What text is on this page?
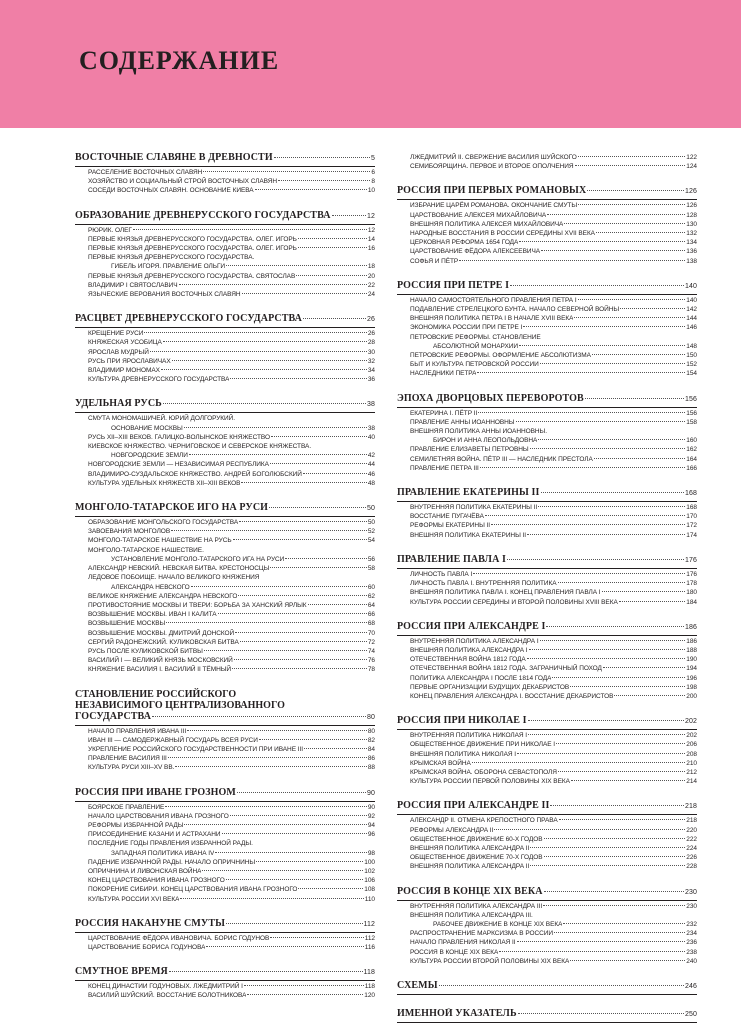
СОДЕРЖАНИЕ
ВОСТОЧНЫЕ СЛАВЯНЕ В ДРЕВНОСТИ	5
РАССЕЛЕНИЕ ВОСТОЧНЫХ СЛАВЯН	6
ХОЗЯЙСТВО И СОЦИАЛЬНЫЙ СТРОЙ ВОСТОЧНЫХ СЛАВЯН	8
СОСЕДИ ВОСТОЧНЫХ СЛАВЯН. ОСНОВАНИЕ КИЕВА	10
ОБРАЗОВАНИЕ ДРЕВНЕРУССКОГО ГОСУДАРСТВА	12
РЮРИК. ОЛЕГ	12
ПЕРВЫЕ КНЯЗЬЯ ДРЕВНЕРУССКОГО ГОСУДАРСТВА. ОЛЕГ. ИГОРЬ	14
ПЕРВЫЕ КНЯЗЬЯ ДРЕВНЕРУССКОГО ГОСУДАРСТВА. ОЛЕГ. ИГОРЬ	16
ПЕРВЫЕ КНЯЗЬЯ ДРЕВНЕРУССКОГО ГОСУДАРСТВА.
ГИБЕЛЬ ИГОРЯ. ПРАВЛЕНИЕ ОЛЬГИ	18
ПЕРВЫЕ КНЯЗЬЯ ДРЕВНЕРУССКОГО ГОСУДАРСТВА. СВЯТОСЛАВ	20
ВЛАДИМИР I СВЯТОСЛАВИЧ	22
ЯЗЫЧЕСКИЕ ВЕРОВАНИЯ ВОСТОЧНЫХ СЛАВЯН	24
РАСЦВЕТ ДРЕВНЕРУССКОГО ГОСУДАРСТВА	26
КРЕЩЕНИЕ РУСИ	26
КНЯЖЕСКАЯ УСОБИЦА	28
ЯРОСЛАВ МУДРЫЙ	30
РУСЬ ПРИ ЯРОСЛАВИЧАХ	32
ВЛАДИМИР МОНОМАХ	34
КУЛЬТУРА ДРЕВНЕРУССКОГО ГОСУДАРСТВА	36
УДЕЛЬНАЯ РУСЬ	38
СМУТА МОНОМАШИЧЕЙ. ЮРИЙ ДОЛГОРУКИЙ.
ОСНОВАНИЕ МОСКВЫ	38
РУСЬ XII–XIII ВЕКОВ. ГАЛИЦКО-ВОЛЫНСКОЕ КНЯЖЕСТВО	40
КИЕВСКОЕ КНЯЖЕСТВО. ЧЕРНИГОВСКОЕ И СЕВЕРСКОЕ КНЯЖЕСТВА.
НОВГОРОДСКИЕ ЗЕМЛИ	42
НОВГОРОДСКИЕ ЗЕМЛИ — НЕЗАВИСИМАЯ РЕСПУБЛИКА	44
ВЛАДИМИРО-СУЗДАЛЬСКОЕ КНЯЖЕСТВО. АНДРЕЙ БОГОЛЮБСКИЙ	46
КУЛЬТУРА УДЕЛЬНЫХ КНЯЖЕСТВ XII–XIII ВЕКОВ	48
МОНГОЛО-ТАТАРСКОЕ ИГО НА РУСИ	50
ОБРАЗОВАНИЕ МОНГОЛЬСКОГО ГОСУДАРСТВА	50
ЗАВОЕВАНИЯ МОНГОЛОВ	52
МОНГОЛО-ТАТАРСКОЕ НАШЕСТВИЕ НА РУСЬ	54
МОНГОЛО-ТАТАРСКОЕ НАШЕСТВИЕ.
УСТАНОВЛЕНИЕ МОНГОЛО-ТАТАРСКОГО ИГА НА РУСИ	56
АЛЕКСАНДР НЕВСКИЙ. НЕВСКАЯ БИТВА. КРЕСТОНОСЦЫ	58
ЛЕДОВОЕ ПОБОИЩЕ. НАЧАЛО ВЕЛИКОГО КНЯЖЕНИЯ
АЛЕКСАНДРА НЕВСКОГО	60
ВЕЛИКОЕ КНЯЖЕНИЕ АЛЕКСАНДРА НЕВСКОГО	62
ПРОТИВОСТОЯНИЕ МОСКВЫ И ТВЕРИ: БОРЬБА ЗА ХАНСКИЙ ЯРЛЫК	64
ВОЗВЫШЕНИЕ МОСКВЫ. ИВАН I КАЛИТА	66
ВОЗВЫШЕНИЕ МОСКВЫ	68
ВОЗВЫШЕНИЕ МОСКВЫ. ДМИТРИЙ ДОНСКОЙ	70
СЕРГИЙ РАДОНЕЖСКИЙ. КУЛИКОВСКАЯ БИТВА	72
РУСЬ ПОСЛЕ КУЛИКОВСКОЙ БИТВЫ	74
ВАСИЛИЙ I — ВЕЛИКИЙ КНЯЗЬ МОСКОВСКИЙ	76
КНЯЖЕНИЕ ВАСИЛИЯ I. ВАСИЛИЙ II ТЁМНЫЙ	78
СТАНОВЛЕНИЕ РОССИЙСКОГО
НЕЗАВИСИМОГО ЦЕНТРАЛИЗОВАННОГО
ГОСУДАРСТВА	80
НАЧАЛО ПРАВЛЕНИЯ ИВАНА III	80
ИВАН III — САМОДЕРЖАВНЫЙ ГОСУДАРЬ ВСЕЯ РУСИ	82
УКРЕПЛЕНИЕ РОССИЙСКОГО ГОСУДАРСТВЕННОСТИ ПРИ ИВАНЕ III	84
ПРАВЛЕНИЕ ВАСИЛИЯ III	86
КУЛЬТУРА РУСИ XIII–XV ВВ.	88
РОССИЯ ПРИ ИВАНЕ ГРОЗНОМ	90
БОЯРСКОЕ ПРАВЛЕНИЕ	90
НАЧАЛО ЦАРСТВОВАНИЯ ИВАНА ГРОЗНОГО	92
РЕФОРМЫ ИЗБРАННОЙ РАДЫ	94
ПРИСОЕДИНЕНИЕ КАЗАНИ И АСТРАХАНИ	96
ПОСЛЕДНИЕ ГОДЫ ПРАВЛЕНИЯ ИЗБРАННОЙ РАДЫ.
ЗАПАДНАЯ ПОЛИТИКА ИВАНА IV	98
ПАДЕНИЕ ИЗБРАННОЙ РАДЫ. НАЧАЛО ОПРИЧНИНЫ	100
ОПРИЧНИНА И ЛИВОНСКАЯ ВОЙНА	102
КОНЕЦ ЦАРСТВОВАНИЯ ИВАНА ГРОЗНОГО	106
ПОКОРЕНИЕ СИБИРИ. КОНЕЦ ЦАРСТВОВАНИЯ ИВАНА ГРОЗНОГО	108
КУЛЬТУРА РОССИИ XVI ВЕКА	110
РОССИЯ НАКАНУНЕ СМУТЫ	112
ЦАРСТВОВАНИЕ ФЁДОРА ИВАНОВИЧА. БОРИС ГОДУНОВ	112
ЦАРСТВОВАНИЕ БОРИСА ГОДУНОВА	116
СМУТНОЕ ВРЕМЯ	118
КОНЕЦ ДИНАСТИИ ГОДУНОВЫХ. ЛЖЕДМИТРИЙ I	118
ВАСИЛИЙ ШУЙСКИЙ. ВОССТАНИЕ БОЛОТНИКОВА	120
ЛЖЕДМИТРИЙ II. СВЕРЖЕНИЕ ВАСИЛИЯ ШУЙСКОГО	122
СЕМИБОЯРЩИНА. ПЕРВОЕ И ВТОРОЕ ОПОЛЧЕНИЯ	124
РОССИЯ ПРИ ПЕРВЫХ РОМАНОВЫХ	126
ИЗБРАНИЕ ЦАРЁМ РОМАНОВА. ОКОНЧАНИЕ СМУТЫ	126
ЦАРСТВОВАНИЕ АЛЕКСЕЯ МИХАЙЛОВИЧА	128
ВНЕШНЯЯ ПОЛИТИКА АЛЕКСЕЯ МИХАЙЛОВИЧА	130
НАРОДНЫЕ ВОССТАНИЯ В РОССИИ СЕРЕДИНЫ XVII ВЕКА	132
ЦЕРКОВНАЯ РЕФОРМА 1654 ГОДА	134
ЦАРСТВОВАНИЕ ФЁДОРА АЛЕКСЕЕВИЧА	136
СОФЬЯ И ПЁТР	138
РОССИЯ ПРИ ПЕТРЕ I	140
НАЧАЛО САМОСТОЯТЕЛЬНОГО ПРАВЛЕНИЯ ПЕТРА I	140
ПОДАВЛЕНИЕ СТРЕЛЕЦКОГО БУНТА. НАЧАЛО СЕВЕРНОЙ ВОЙНЫ	142
ВНЕШНЯЯ ПОЛИТИКА ПЕТРА I В НАЧАЛЕ XVIII ВЕКА	144
ЭКОНОМИКА РОССИИ ПРИ ПЕТРЕ I	146
ПЕТРОВСКИЕ РЕФОРМЫ. СТАНОВЛЕНИЕ
АБСОЛЮТНОЙ МОНАРХИИ	148
ПЕТРОВСКИЕ РЕФОРМЫ. ОФОРМЛЕНИЕ АБСОЛЮТИЗМА	150
БЫТ И КУЛЬТУРА ПЕТРОВСКОЙ РОССИИ	152
НАСЛЕДНИКИ ПЕТРА	154
ЭПОХА ДВОРЦОВЫХ ПЕРЕВОРОТОВ	156
ЕКАТЕРИНА I. ПЁТР II	156
ПРАВЛЕНИЕ АННЫ ИОАННОВНЫ	158
ВНЕШНЯЯ ПОЛИТИКА АННЫ ИОАННОВНЫ.
БИРОН И АННА ЛЕОПОЛЬДОВНА	160
ПРАВЛЕНИЕ ЕЛИЗАВЕТЫ ПЕТРОВНЫ	162
СЕМИЛЕТНЯЯ ВОЙНА. ПЁТР III — НАСЛЕДНИК ПРЕСТОЛА	164
ПРАВЛЕНИЕ ПЕТРА III	166
ПРАВЛЕНИЕ ЕКАТЕРИНЫ II	168
ВНУТРЕННЯЯ ПОЛИТИКА ЕКАТЕРИНЫ II	168
ВОССТАНИЕ ПУГАЧЁВА	170
РЕФОРМЫ ЕКАТЕРИНЫ II	172
ВНЕШНЯЯ ПОЛИТИКА ЕКАТЕРИНЫ II	174
ПРАВЛЕНИЕ ПАВЛА I	176
ЛИЧНОСТЬ ПАВЛА I	176
ЛИЧНОСТЬ ПАВЛА I. ВНУТРЕННЯЯ ПОЛИТИКА	178
ВНЕШНЯЯ ПОЛИТИКА ПАВЛА I. КОНЕЦ ПРАВЛЕНИЯ ПАВЛА I	180
КУЛЬТУРА РОССИИ СЕРЕДИНЫ И ВТОРОЙ ПОЛОВИНЫ XVIII ВЕКА	184
РОССИЯ ПРИ АЛЕКСАНДРЕ I	186
ВНУТРЕННЯЯ ПОЛИТИКА АЛЕКСАНДРА I	186
ВНЕШНЯЯ ПОЛИТИКА АЛЕКСАНДРА I	188
ОТЕЧЕСТВЕННАЯ ВОЙНА 1812 ГОДА	190
ОТЕЧЕСТВЕННАЯ ВОЙНА 1812 ГОДА. ЗАГРАНИЧНЫЙ ПОХОД	194
ПОЛИТИКА АЛЕКСАНДРА I ПОСЛЕ 1814 ГОДА	196
ПЕРВЫЕ ОРГАНИЗАЦИИ БУДУЩИХ ДЕКАБРИСТОВ	198
КОНЕЦ ПРАВЛЕНИЯ АЛЕКСАНДРА I. ВОССТАНИЕ ДЕКАБРИСТОВ	200
РОССИЯ ПРИ НИКОЛАЕ I	202
ВНУТРЕННЯЯ ПОЛИТИКА НИКОЛАЯ I	202
ОБЩЕСТВЕННОЕ ДВИЖЕНИЕ ПРИ НИКОЛАЕ I	206
ВНЕШНЯЯ ПОЛИТИКА НИКОЛАЯ I	208
КРЫМСКАЯ ВОЙНА	210
КРЫМСКАЯ ВОЙНА. ОБОРОНА СЕВАСТОПОЛЯ	212
КУЛЬТУРА РОССИИ ПЕРВОЙ ПОЛОВИНЫ XIX ВЕКА	214
РОССИЯ ПРИ АЛЕКСАНДРЕ II	218
АЛЕКСАНДР II. ОТМЕНА КРЕПОСТНОГО ПРАВА	218
РЕФОРМЫ АЛЕКСАНДРА II	220
ОБЩЕСТВЕННОЕ ДВИЖЕНИЕ 60-Х ГОДОВ	222
ВНЕШНЯЯ ПОЛИТИКА АЛЕКСАНДРА II	224
ОБЩЕСТВЕННОЕ ДВИЖЕНИЕ 70-Х ГОДОВ	226
ВНЕШНЯЯ ПОЛИТИКА АЛЕКСАНДРА II	228
РОССИЯ В КОНЦЕ XIX ВЕКА	230
ВНУТРЕННЯЯ ПОЛИТИКА АЛЕКСАНДРА III	230
ВНЕШНЯЯ ПОЛИТИКА АЛЕКСАНДРА III.
РАБОЧЕЕ ДВИЖЕНИЕ В КОНЦЕ XIX ВЕКА	232
РАСПРОСТРАНЕНИЕ МАРКСИЗМА В РОССИИ	234
НАЧАЛО ПРАВЛЕНИЯ НИКОЛАЯ II	236
РОССИЯ В КОНЦЕ XIX ВЕКА	238
КУЛЬТУРА РОССИИ ВТОРОЙ ПОЛОВИНЫ XIX ВЕКА	240
СХЕМЫ	246
ИМЕННОЙ УКАЗАТЕЛЬ	250
